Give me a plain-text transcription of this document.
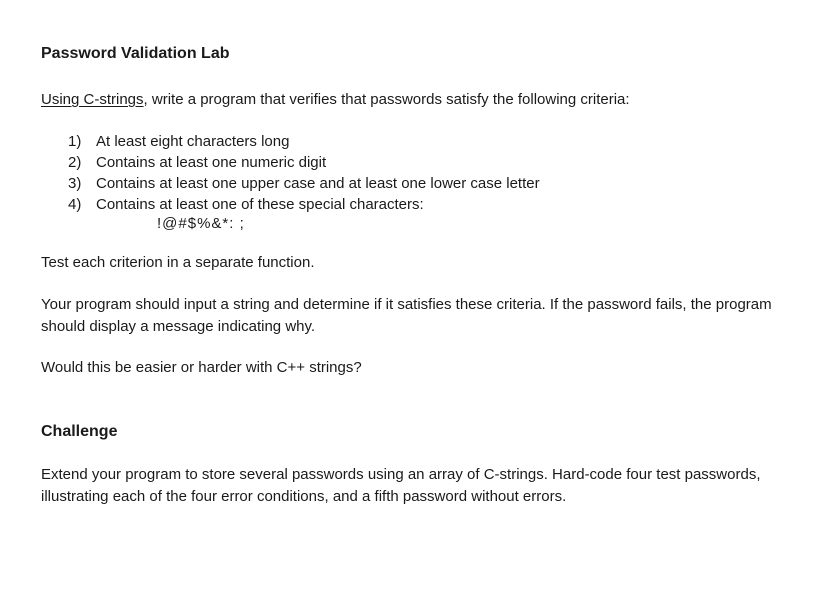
Password Validation Lab
Using C-strings, write a program that verifies that passwords satisfy the following criteria:
1) At least eight characters long
2) Contains at least one numeric digit
3) Contains at least one upper case and at least one lower case letter
4) Contains at least one of these special characters:
!@#$%&*: ;
Test each criterion in a separate function.
Your program should input a string and determine if it satisfies these criteria. If the password fails, the program should display a message indicating why.
Would this be easier or harder with C++ strings?
Challenge
Extend your program to store several passwords using an array of C-strings. Hard-code four test passwords, illustrating each of the four error conditions, and a fifth password without errors.
